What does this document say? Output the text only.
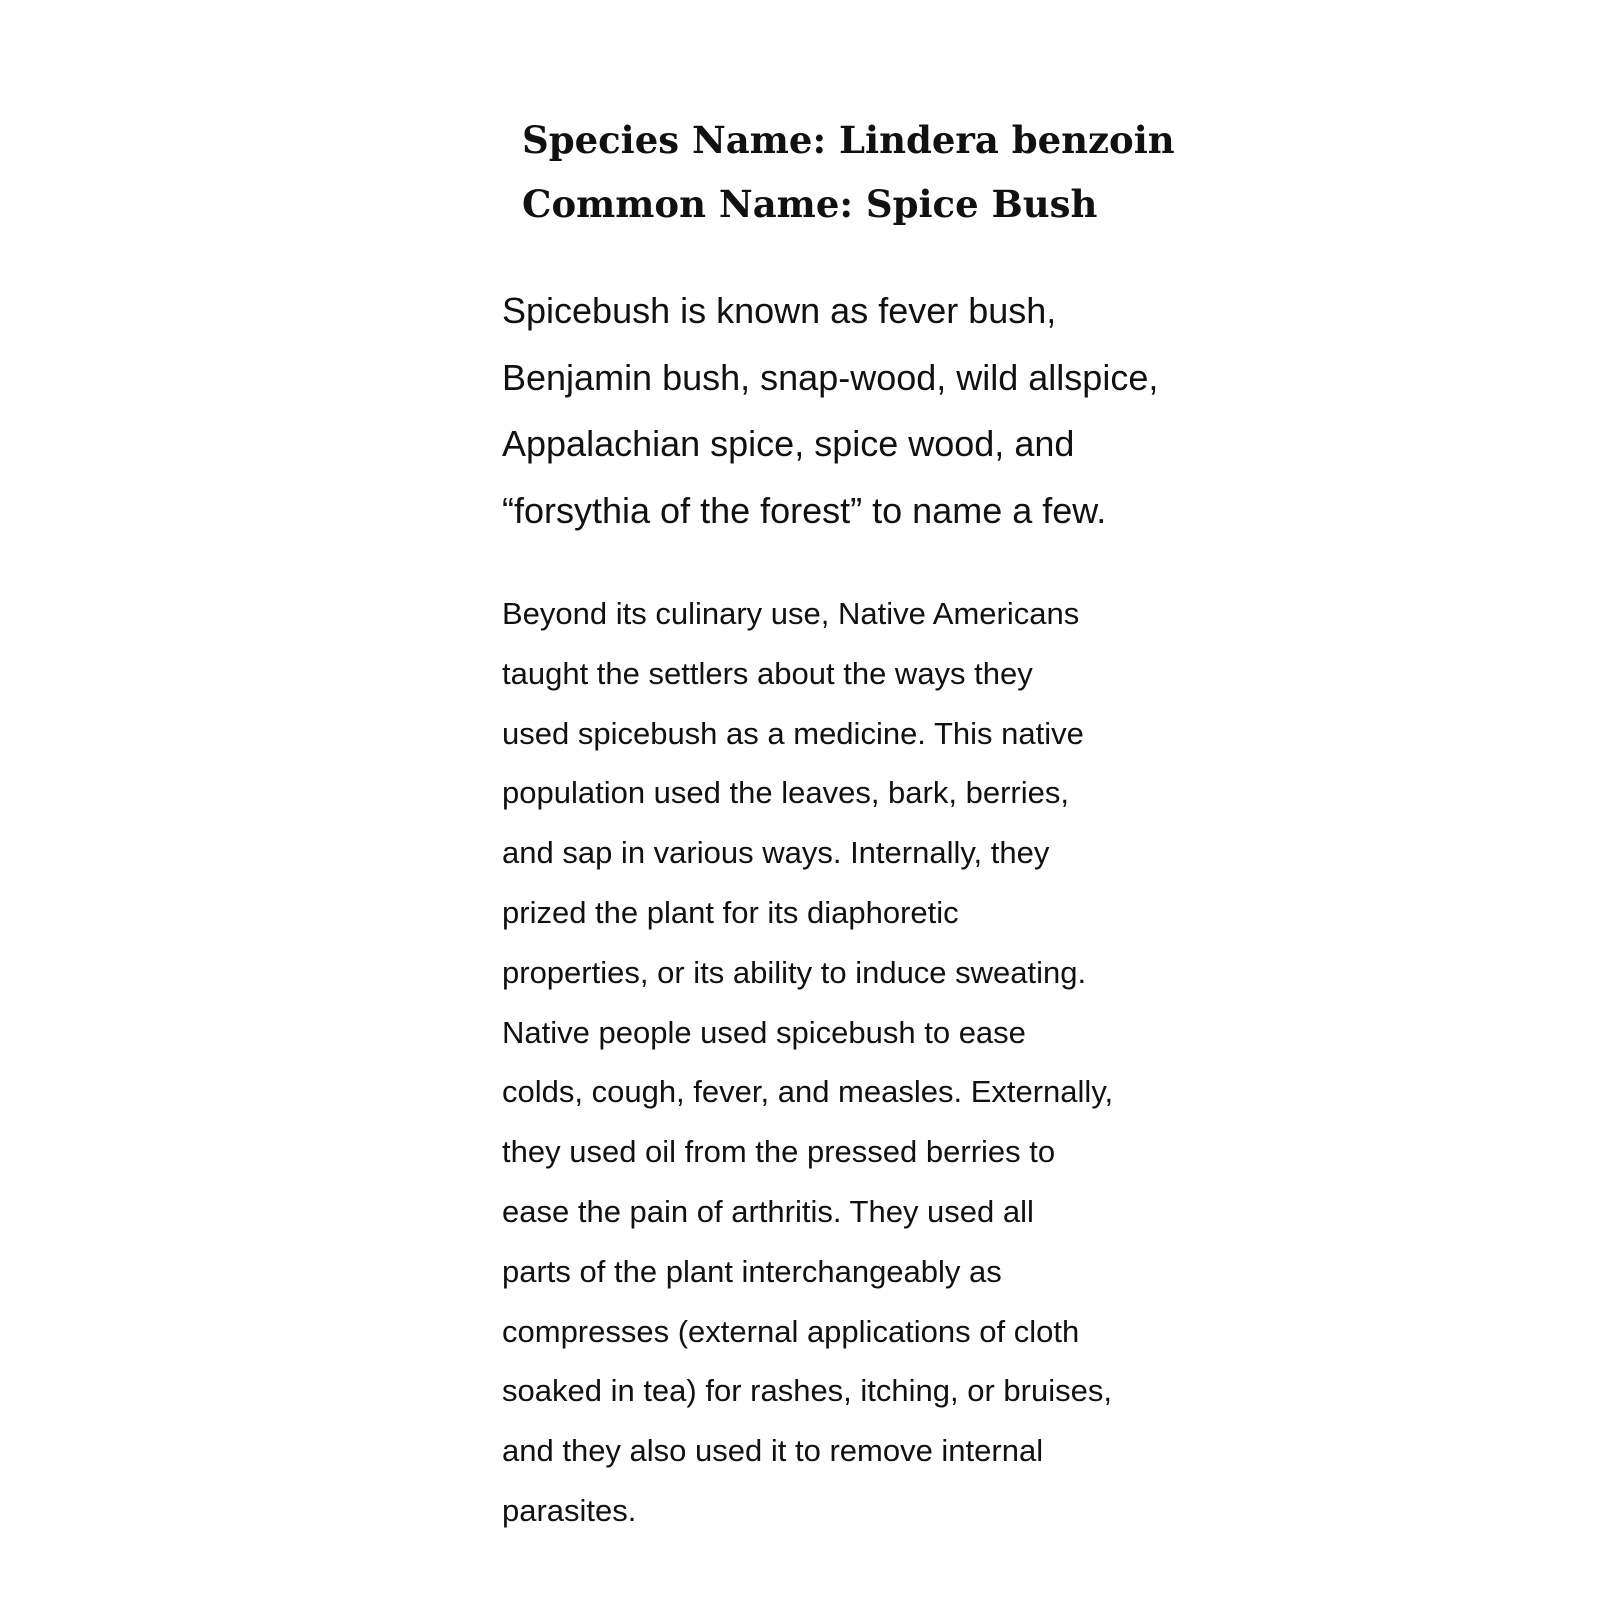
Species Name: Lindera benzoin
Common Name: Spice Bush
Spicebush is known as fever bush,
Benjamin bush, snap-wood, wild allspice,
Appalachian spice, spice wood, and
“forsythia of the forest” to name a few.
Beyond its culinary use, Native Americans
taught the settlers about the ways they
used spicebush as a medicine. This native
population used the leaves, bark, berries,
and sap in various ways. Internally, they
prized the plant for its diaphoretic
properties, or its ability to induce sweating.
Native people used spicebush to ease
colds, cough, fever, and measles. Externally,
they used oil from the pressed berries to
ease the pain of arthritis. They used all
parts of the plant interchangeably as
compresses (external applications of cloth
soaked in tea) for rashes, itching, or bruises,
and they also used it to remove internal
parasites.
